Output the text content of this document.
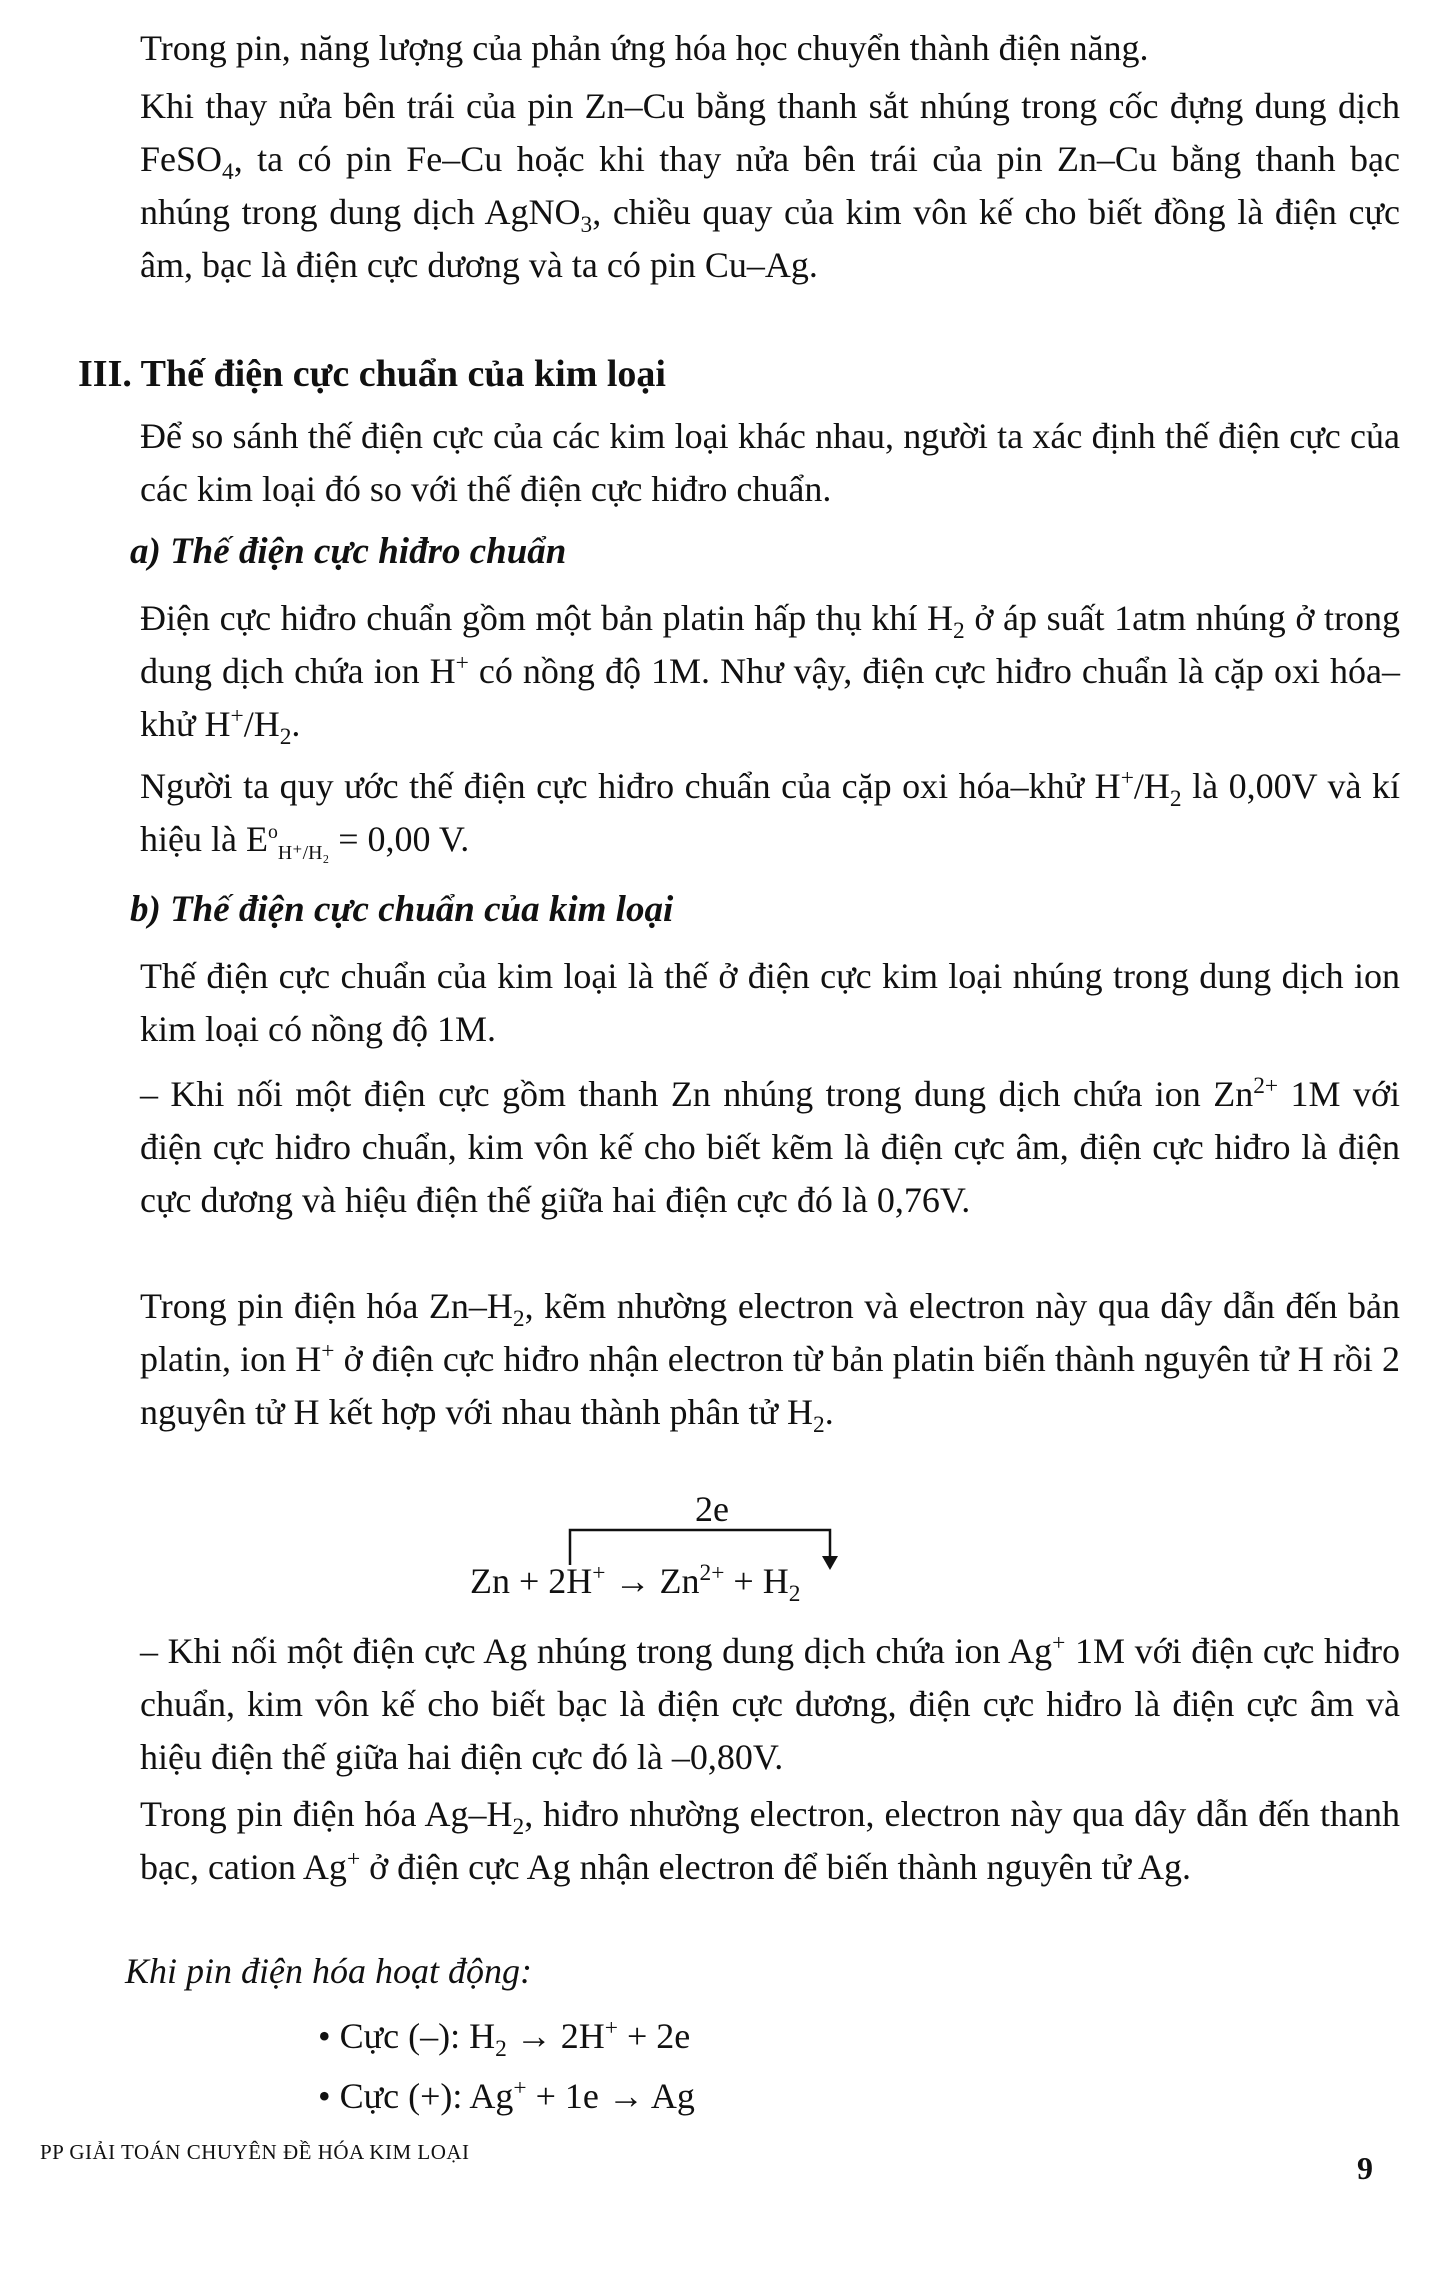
Trong pin, năng lượng của phản ứng hóa học chuyển thành điện năng.

Khi thay nửa bên trái của pin Zn–Cu bằng thanh sắt nhúng trong cốc đựng dung dịch FeSO$_4$, ta có pin Fe–Cu hoặc khi thay nửa bên trái của pin Zn–Cu bằng thanh bạc nhúng trong dung dịch AgNO$_3$, chiều quay của kim vôn kế cho biết đồng là điện cực âm, bạc là điện cực dương và ta có pin Cu–Ag.

III. Thế điện cực chuẩn của kim loại

Để so sánh thế điện cực của các kim loại khác nhau, người ta xác định thế điện cực của các kim loại đó so với thế điện cực hiđro chuẩn.

a) Thế điện cực hiđro chuẩn

Điện cực hiđro chuẩn gồm một bản platin hấp thụ khí $H_2$ ở áp suất 1atm nhúng ở trong dung dịch chứa ion H+ có nồng độ 1M. Như vậy, điện cực hiđro chuẩn là cặp oxi hóa–khử $H^+/H_2$.

Người ta quy ước thế điện cực hiđro chuẩn của cặp oxi hóa–khử $H^+/H_2$ là 0,00V và kí hiệu là $E^o_{H^+/H_2} = 0,00$ V.

b) Thế điện cực chuẩn của kim loại

Thế điện cực chuẩn của kim loại là thế ở điện cực kim loại nhúng trong dung dịch ion kim loại có nồng độ 1M.

– Khi nối một điện cực gồm thanh Zn nhúng trong dung dịch chứa ion $Zn^{2+}$ 1M với điện cực hiđro chuẩn, kim vôn kế cho biết kẽm là điện cực âm, điện cực hiđro là điện cực dương và hiệu điện thế giữa hai điện cực đó là 0,76V.

Trong pin điện hóa $Zn-H_2$, kẽm nhường electron và electron này qua dây dẫn đến bản platin, ion H+ ở điện cực hiđro nhận electron từ bản platin biến thành nguyên tử H rồi 2 nguyên tử H kết hợp với nhau thành phân tử $H_2$.

2e
$Zn + 2H^+ \to Zn^{2+} + H_2$

– Khi nối một điện cực Ag nhúng trong dung dịch chứa ion Ag+ 1M với điện cực hiđro chuẩn, kim vôn kế cho biết bạc là điện cực dương, điện cực hiđro là điện cực âm và hiệu điện thế giữa hai điện cực đó là –0,80V.

Trong pin điện hóa $Ag-H_2$, hiđro nhường electron, electron này qua dây dẫn đến thanh bạc, cation Ag+ ở điện cực Ag nhận electron để biến thành nguyên tử Ag.

Khi pin điện hóa hoạt động:

• Cực (–): $H_2 \to 2H^+ + 2e$

• Cực (+): Ag+ + 1e → Ag

PP GIẢI TOÁN CHUYÊN ĐỀ HÓA KIM LOẠI	9
